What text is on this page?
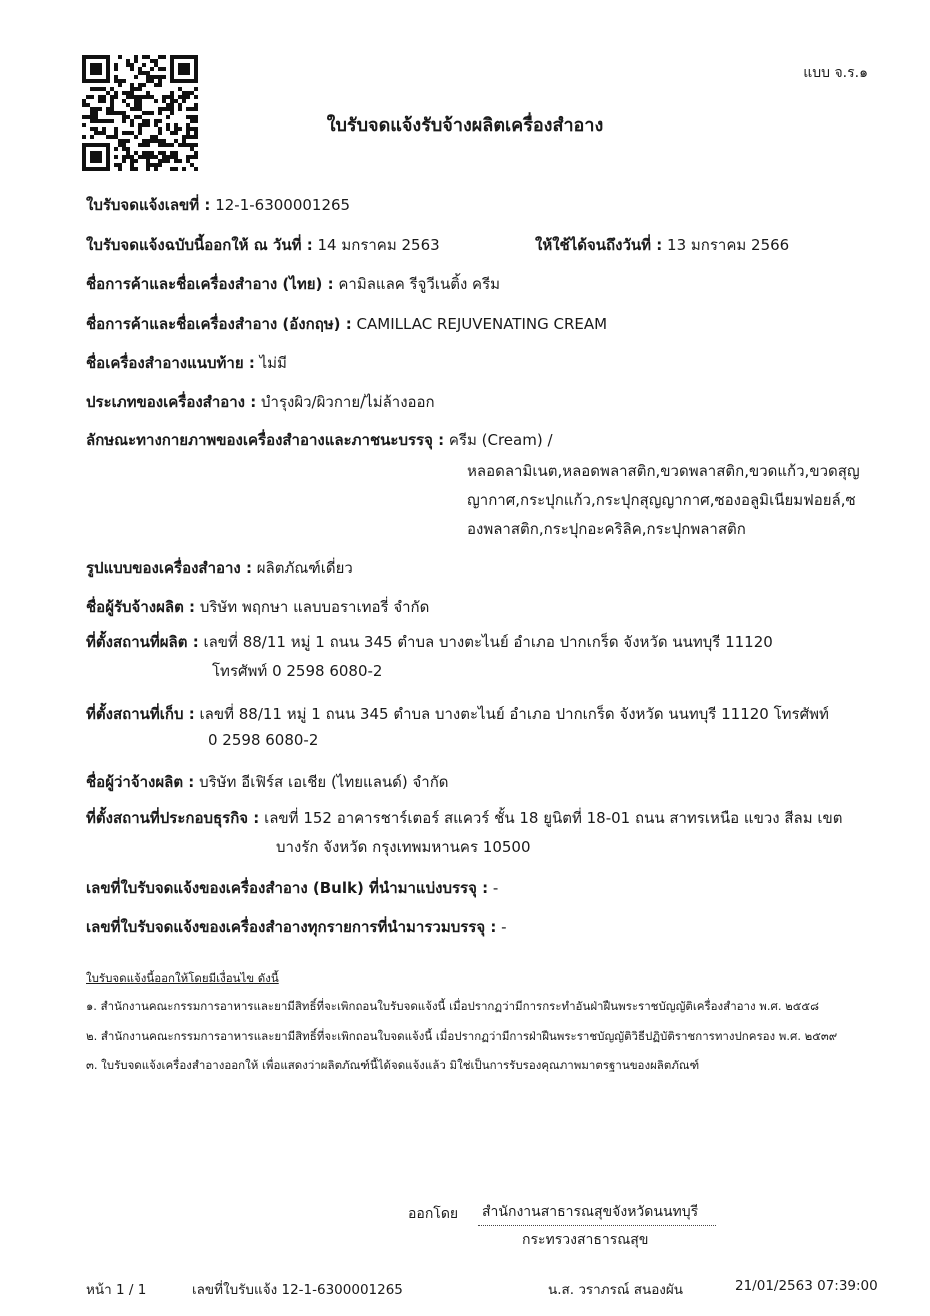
แบบ จ.ร.๑
ใบรับจดแจ้งรับจ้างผลิตเครื่องสำอาง
ใบรับจดแจ้งเลขที่ : 12-1-6300001265
ใบรับจดแจ้งฉบับนี้ออกให้ ณ วันที่ : 14 มกราคม 2563	ให้ใช้ได้จนถึงวันที่ : 13 มกราคม 2566
ชื่อการค้าและชื่อเครื่องสำอาง (ไทย) : คามิลแลค รีจูวีเนติ้ง ครีม
ชื่อการค้าและชื่อเครื่องสำอาง (อังกฤษ) : CAMILLAC REJUVENATING CREAM
ชื่อเครื่องสำอางแนบท้าย : ไม่มี
ประเภทของเครื่องสำอาง : บำรุงผิว/ผิวกาย/ไม่ล้างออก
ลักษณะทางกายภาพของเครื่องสำอางและภาชนะบรรจุ : ครีม (Cream) /
หลอดลามิเนต,หลอดพลาสติก,ขวดพลาสติก,ขวดแก้ว,ขวดสุญ
ญากาศ,กระปุกแก้ว,กระปุกสุญญากาศ,ซองอลูมิเนียมฟอยล์,ซ
องพลาสติก,กระปุกอะคริลิค,กระปุกพลาสติก
รูปแบบของเครื่องสำอาง : ผลิตภัณฑ์เดี่ยว
ชื่อผู้รับจ้างผลิต : บริษัท พฤกษา แลบบอราเทอรี่ จำกัด
ที่ตั้งสถานที่ผลิต : เลขที่ 88/11 หมู่ 1 ถนน 345 ตำบล บางตะไนย์ อำเภอ ปากเกร็ด จังหวัด นนทบุรี 11120
โทรศัพท์ 0 2598 6080-2
ที่ตั้งสถานที่เก็บ : เลขที่ 88/11 หมู่ 1 ถนน 345 ตำบล บางตะไนย์ อำเภอ ปากเกร็ด จังหวัด นนทบุรี 11120 โทรศัพท์
0 2598 6080-2
ชื่อผู้ว่าจ้างผลิต : บริษัท อีเฟิร์ส เอเชีย (ไทยแลนด์) จำกัด
ที่ตั้งสถานที่ประกอบธุรกิจ : เลขที่ 152 อาคารชาร์เตอร์ สแควร์ ชั้น 18 ยูนิตที่ 18-01 ถนน สาทรเหนือ แขวง สีลม เขต
บางรัก จังหวัด กรุงเทพมหานคร 10500
เลขที่ใบรับจดแจ้งของเครื่องสำอาง (Bulk) ที่นำมาแบ่งบรรจุ : -
เลขที่ใบรับจดแจ้งของเครื่องสำอางทุกรายการที่นำมารวมบรรจุ : -
ใบรับจดแจ้งนี้ออกให้โดยมีเงื่อนไข ดังนี้
๑. สำนักงานคณะกรรมการอาหารและยามีสิทธิ์ที่จะเพิกถอนใบรับจดแจ้งนี้ เมื่อปรากฏว่ามีการกระทำอันฝ่าฝืนพระราชบัญญัติเครื่องสำอาง พ.ศ. ๒๕๕๘
๒. สำนักงานคณะกรรมการอาหารและยามีสิทธิ์ที่จะเพิกถอนใบจดแจ้งนี้ เมื่อปรากฏว่ามีการฝ่าฝืนพระราชบัญญัติวิธีปฏิบัติราชการทางปกครอง พ.ศ. ๒๕๓๙
๓. ใบรับจดแจ้งเครื่องสำอางออกให้ เพื่อแสดงว่าผลิตภัณฑ์นี้ได้จดแจ้งแล้ว มิใช่เป็นการรับรองคุณภาพมาตรฐานของผลิตภัณฑ์
ออกโดย สำนักงานสาธารณสุขจังหวัดนนทบุรี
กระทรวงสาธารณสุข
หน้า 1 / 1	เลขที่ใบรับแจ้ง 12-1-6300001265	น.ส. วราภรณ์ สนองผัน	21/01/2563 07:39:00
